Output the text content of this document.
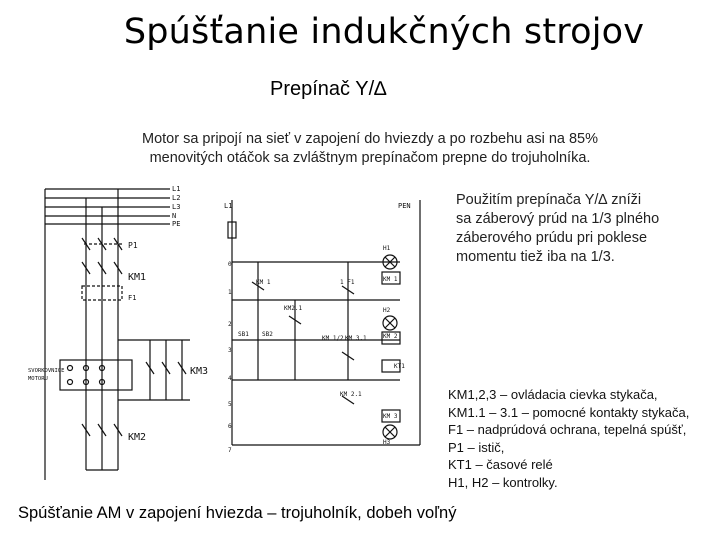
Spúšťanie indukčných strojov
Prepínač Y/∆
Motor sa pripojí na sieť v zapojení do hviezdy a po rozbehu asi na 85%
menovitých otáčok sa zvláštnym prepínačom prepne do trojuholníka.
Použitím prepínača Y/∆ zníži
sa záberový prúd na 1/3 plného
záberového prúdu pri poklese
momentu tiež iba na 1/3.
KM1,2,3 – ovládacia cievka stykača,
KM1.1 – 3.1 – pomocné kontakty stykača,
F1 – nadprúdová ochrana, tepelná spúšť,
P1 – istič,
KT1 – časové relé
H1, H2 – kontrolky.
Spúšťanie AM v zapojení hviezda – trojuholník, dobeh voľný
L1
L2
L3
N
PE
P1
KM1
F1
KM3
KM2
SVORKOVNICE
MOTORU
L1	PEN
H1
KM 1	KM 1
1 F1
KM2.1	H2
SB1 SB2
KM 1/2 KM 3.1	KM 2
KT1
KM 2.1
KM 3
H3
0
1
2
3
4
5
6
7
